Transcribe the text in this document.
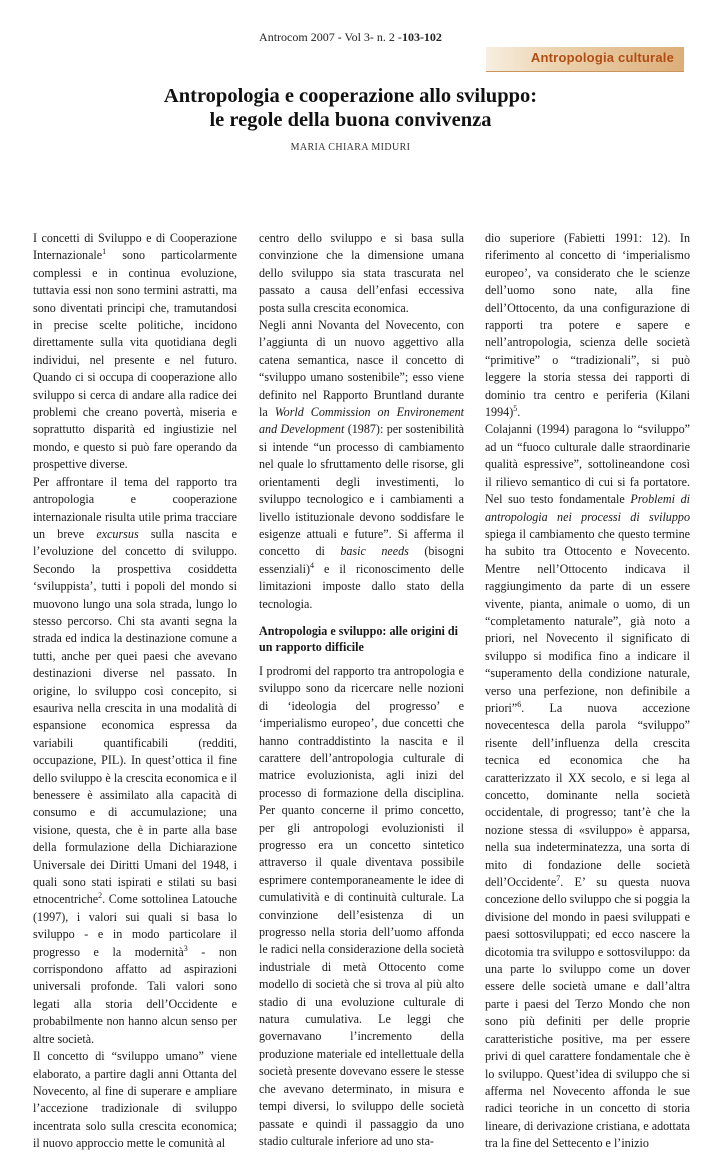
Antrocom 2007 - Vol 3- n. 2 -103-102
Antropologia culturale
Antropologia e cooperazione allo sviluppo:
le regole della buona convivenza
MARIA CHIARA MIDURI

I concetti di Sviluppo e di Cooperazione Internazionale$^1$ sono particolarmente complessi e in continua evoluzione, tuttavia essi non sono termini astratti, ma sono diventati principi che, tramutandosi in precise scelte politiche, incidono direttamente sulla vita quotidiana degli individui, nel presente e nel futuro. Quando ci si occupa di cooperazione allo sviluppo si cerca di andare alla radice dei problemi che creano povertà, miseria e soprattutto disparità ed ingiustizie nel mondo, e questo si può fare operando da prospettive diverse.

Per affrontare il tema del rapporto tra antropologia e cooperazione internazionale risulta utile prima tracciare un breve excursus sulla nascita e l’evoluzione del concetto di sviluppo. Secondo la prospettiva cosiddetta ‘sviluppista’, tutti i popoli del mondo si muovono lungo una sola strada, lungo lo stesso percorso. Chi sta avanti segna la strada ed indica la destinazione comune a tutti, anche per quei paesi che avevano destinazioni diverse nel passato. In origine, lo sviluppo così concepito, si esauriva nella crescita in una modalità di espansione economica espressa da variabili quantificabili (redditi, occupazione, PIL). In quest’ottica il fine dello sviluppo è la crescita economica e il benessere è assimilato alla capacità di consumo e di accumulazione; una visione, questa, che è in parte alla base della formulazione della Dichiarazione Universale dei Diritti Umani del 1948, i quali sono stati ispirati e stilati su basi etnocentriche$^2$. Come sottolinea Latouche (1997), i valori sui quali si basa lo sviluppo - e in modo particolare il progresso e la modernità$^3$ - non corrispondono affatto ad aspirazioni universali profonde. Tali valori sono legati alla storia dell’Occidente e probabilmente non hanno alcun senso per altre società.

Il concetto di “sviluppo umano” viene elaborato, a partire dagli anni Ottanta del Novecento, al fine di superare e ampliare l’accezione tradizionale di sviluppo incentrata solo sulla crescita economica; il nuovo approccio mette le comunità al

centro dello sviluppo e si basa sulla convinzione che la dimensione umana dello sviluppo sia stata trascurata nel passato a causa dell’enfasi eccessiva posta sulla crescita economica.

Negli anni Novanta del Novecento, con l’aggiunta di un nuovo aggettivo alla catena semantica, nasce il concetto di “sviluppo umano sostenibile”; esso viene definito nel Rapporto Bruntland durante la World Commission on Environement and Development (1987): per sostenibilità si intende “un processo di cambiamento nel quale lo sfruttamento delle risorse, gli orientamenti degli investimenti, lo sviluppo tecnologico e i cambiamenti a livello istituzionale devono soddisfare le esigenze attuali e future”. Si afferma il concetto di basic needs (bisogni essenziali)$^4$ e il riconoscimento delle limitazioni imposte dallo stato della tecnologia.

Antropologia e sviluppo: alle origini di un rapporto difficile

I prodromi del rapporto tra antropologia e sviluppo sono da ricercare nelle nozioni di ‘ideologia del progresso’ e ‘imperialismo europeo’, due concetti che hanno contraddistinto la nascita e il carattere dell’antropologia culturale di matrice evoluzionista, agli inizi del processo di formazione della disciplina. Per quanto concerne il primo concetto, per gli antropologi evoluzionisti il progresso era un concetto sintetico attraverso il quale diventava possibile esprimere contemporaneamente le idee di cumulatività e di continuità culturale. La convinzione dell’esistenza di un progresso nella storia dell’uomo affonda le radici nella considerazione della società industriale di metà Ottocento come modello di società che si trova al più alto stadio di una evoluzione culturale di natura cumulativa. Le leggi che governavano l’incremento della produzione materiale ed intellettuale della società presente dovevano essere le stesse che avevano determinato, in misura e tempi diversi, lo sviluppo delle società passate e quindi il passaggio da uno stadio culturale inferiore ad uno sta-

dio superiore (Fabietti 1991: 12). In riferimento al concetto di ‘imperialismo europeo’, va considerato che le scienze dell’uomo sono nate, alla fine dell’Ottocento, da una configurazione di rapporti tra potere e sapere e nell’antropologia, scienza delle società “primitive” o “tradizionali”, si può leggere la storia stessa dei rapporti di dominio tra centro e periferia (Kilani 1994)$^5$.

Colajanni (1994) paragona lo “sviluppo” ad un “fuoco culturale dalle straordinarie qualità espressive”, sottolineandone così il rilievo semantico di cui si fa portatore. Nel suo testo fondamentale Problemi di antropologia nei processi di sviluppo spiega il cambiamento che questo termine ha subito tra Ottocento e Novecento. Mentre nell’Ottocento indicava il raggiungimento da parte di un essere vivente, pianta, animale o uomo, di un “completamento naturale”, già noto a priori, nel Novecento il significato di sviluppo si modifica fino a indicare il “superamento della condizione naturale, verso una perfezione, non definibile a priori”$^6$. La nuova accezione novecentesca della parola “sviluppo” risente dell’influenza della crescita tecnica ed economica che ha caratterizzato il XX secolo, e si lega al concetto, dominante nella società occidentale, di progresso; tant’è che la nozione stessa di «sviluppo» è apparsa, nella sua indeterminatezza, una sorta di mito di fondazione delle società dell’Occidente$^7$. E’ su questa nuova concezione dello sviluppo che si poggia la divisione del mondo in paesi sviluppati e paesi sottosviluppati; ed ecco nascere la dicotomia tra sviluppo e sottosviluppo: da una parte lo sviluppo come un dover essere delle società umane e dall’altra parte i paesi del Terzo Mondo che non sono più definiti per delle proprie caratteristiche positive, ma per essere privi di quel carattere fondamentale che è lo sviluppo. Quest’idea di sviluppo che si afferma nel Novecento affonda le sue radici teoriche in un concetto di storia lineare, di derivazione cristiana, e adottata tra la fine del Settecento e l’inizio
